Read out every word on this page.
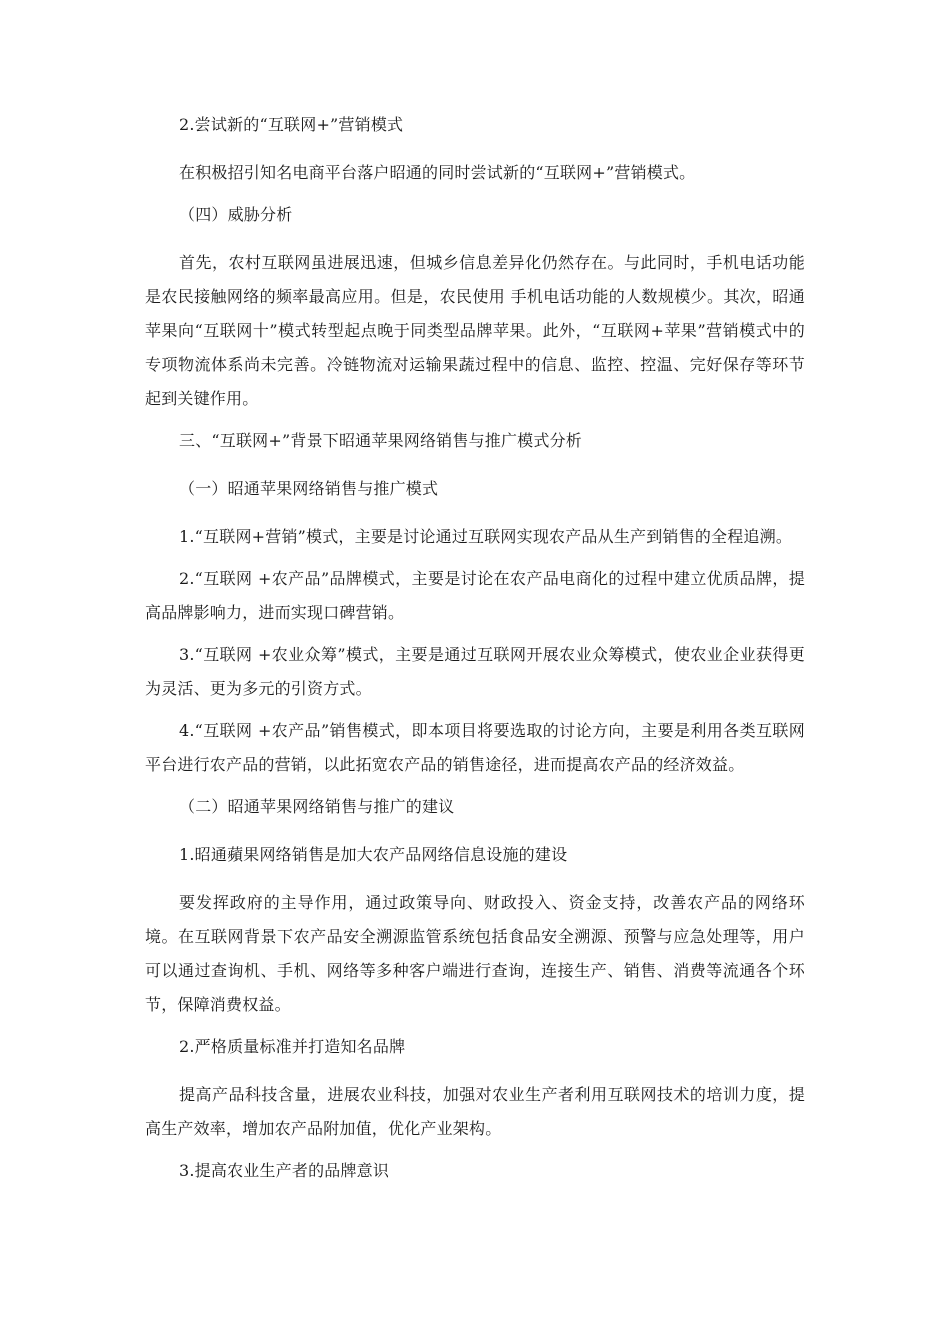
2.尝试新的“互联网+”营销模式

在积极招引知名电商平台落户昭通的同时尝试新的“互联网+”营销模式。

（四）威胁分析

首先，农村互联网虽进展迅速，但城乡信息差异化仍然存在。与此同时，手机电话功能是农民接触网络的频率最高应用。但是，农民使用 手机电话功能的人数规模少。其次，昭通苹果向“互联网十”模式转型起点晚于同类型品牌苹果。此外，“互联网+苹果”营销模式中的专项物流体系尚未完善。冷链物流对运输果蔬过程中的信息、监控、控温、完好保存等环节起到关键作用。

三、“互联网+”背景下昭通苹果网络销售与推广模式分析

（一）昭通苹果网络销售与推广模式

1.“互联网+营销”模式，主要是讨论通过互联网实现农产品从生产到销售的全程追溯。

2.“互联网 +农产品”品牌模式，主要是讨论在农产品电商化的过程中建立优质品牌，提高品牌影响力，进而实现口碑营销。

3.“互联网 +农业众筹”模式，主要是通过互联网开展农业众筹模式，使农业企业获得更为灵活、更为多元的引资方式。

4.“互联网 +农产品”销售模式，即本项目将要选取的讨论方向，主要是利用各类互联网平台进行农产品的营销，以此拓宽农产品的销售途径，进而提高农产品的经济效益。

（二）昭通苹果网络销售与推广的建议

1.昭通蘋果网络销售是加大农产品网络信息设施的建设

要发挥政府的主导作用，通过政策导向、财政投入、资金支持，改善农产品的网络环境。在互联网背景下农产品安全溯源监管系统包括食品安全溯源、预警与应急处理等，用户可以通过查询机、手机、网络等多种客户端进行查询，连接生产、销售、消费等流通各个环节，保障消费权益。

2.严格质量标准并打造知名品牌

提高产品科技含量，进展农业科技，加强对农业生产者利用互联网技术的培训力度，提高生产效率，增加农产品附加值，优化产业架构。

3.提高农业生产者的品牌意识
